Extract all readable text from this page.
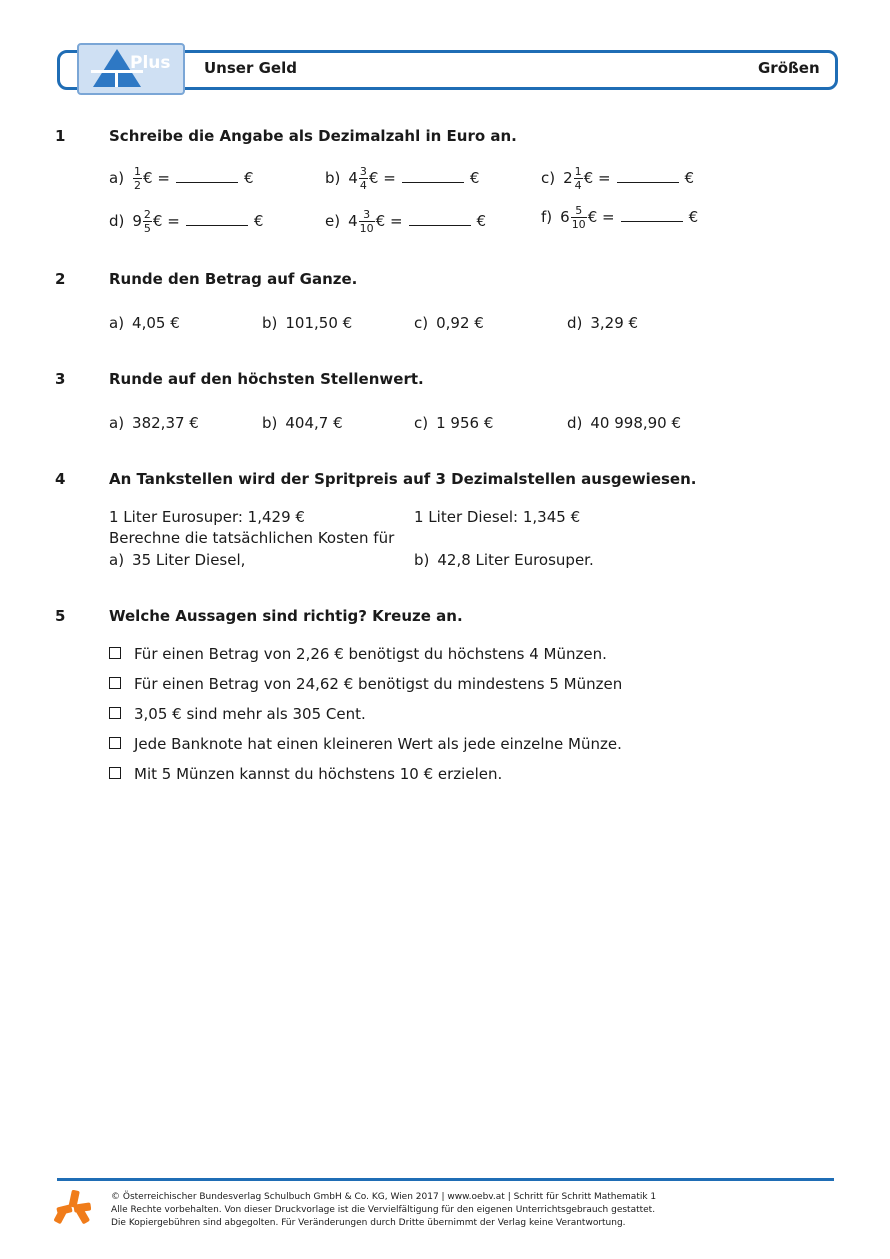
Plus Unser Geld	Größen
1	Schreibe die Angabe als Dezimalzahl in Euro an.
$a) \frac{1}{2}$ € =	€	b) $4 \frac{3}{4}$ € =	€	c) $2 \frac{1}{4}$ € =	€
d) $9 \frac{2}{5}$ € =	€	e) $4 \frac{3}{10}$ € =	€	f) $6 \frac{5}{10}$ € =	€
2	Runde den Betrag auf Ganze.
a) 4,05 €	b) 101,50 €	c) 0,92 €	d) 3,29 €
3	Runde auf den höchsten Stellenwert.
a) 382,37 €	b) 404,7 €	c) 1 956 €	d) 40 998,90 €
4	An Tankstellen wird der Spritpreis auf 3 Dezimalstellen ausgewiesen.
1 Liter Eurosuper: 1,429 €	1 Liter Diesel: 1,345 €
Berechne die tatsächlichen Kosten für
a) 35 Liter Diesel,	b) 42,8 Liter Eurosuper.
5	Welche Aussagen sind richtig? Kreuze an.
Für einen Betrag von 2,26 € benötigst du höchstens 4 Münzen.
Für einen Betrag von 24,62 € benötigst du mindestens 5 Münzen
3,05 € sind mehr als 305 Cent.
Jede Banknote hat einen kleineren Wert als jede einzelne Münze.
Mit 5 Münzen kannst du höchstens 10 € erzielen.
© Österreichischer Bundesverlag Schulbuch GmbH & Co. KG, Wien 2017 | www.oebv.at | Schritt für Schritt Mathematik 1
Alle Rechte vorbehalten. Von dieser Druckvorlage ist die Vervielfältigung für den eigenen Unterrichtsgebrauch gestattet.
Die Kopiergebühren sind abgegolten. Für Veränderungen durch Dritte übernimmt der Verlag keine Verantwortung.
